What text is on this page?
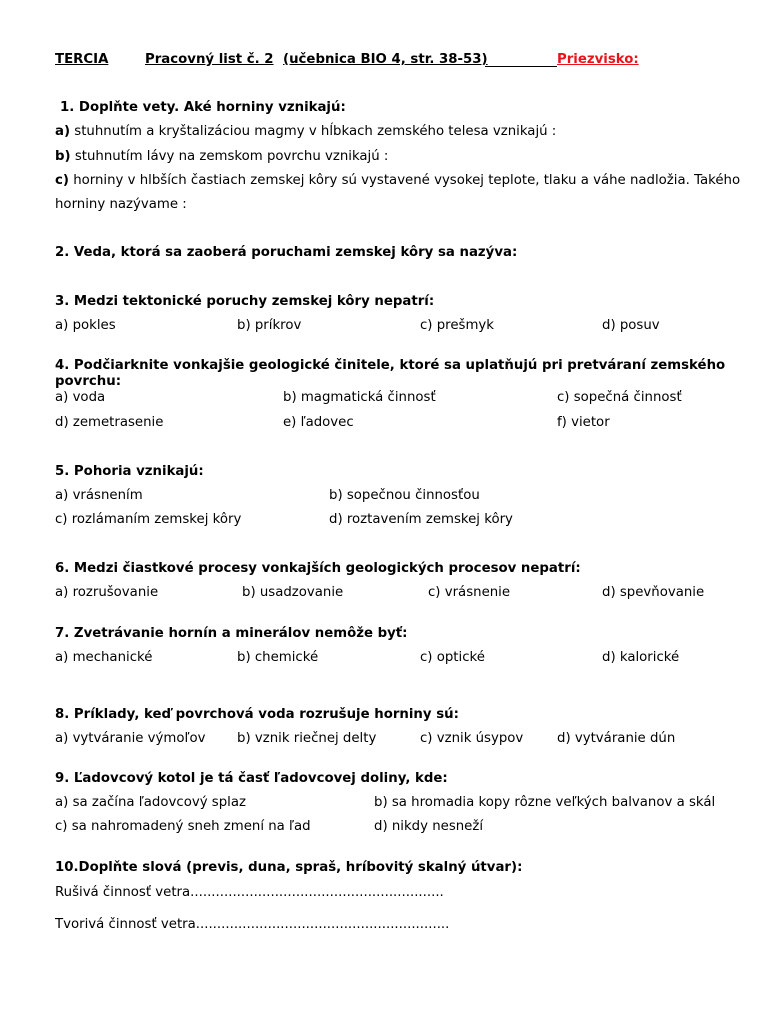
TERCIA	Pracovný list č. 2 (učebnica BIO 4, str. 38-53)	Priezvisko:
1. Doplňte vety. Aké horniny vznikajú:
a) stuhnutím a kryštalizáciou magmy v hĺbkach zemského telesa vznikajú :
b) stuhnutím lávy na zemskom povrchu vznikajú :
c) horniny v hlbších častiach zemskej kôry sú vystavené vysokej teplote, tlaku a váhe nadložia. Takého
horniny nazývame :
2. Veda, ktorá sa zaoberá poruchami zemskej kôry sa nazýva:
3. Medzi tektonické poruchy zemskej kôry nepatrí:
a) pokles	b) príkrov	c) prešmyk	d) posuv
4. Podčiarknite vonkajšie geologické činitele, ktoré sa uplatňujú pri pretváraní zemského
povrchu:
a) voda	b) magmatická činnosť	c) sopečná činnosť
d) zemetrasenie	e) ľadovec	f) vietor
5. Pohoria vznikajú:
a) vrásnením	b) sopečnou činnosťou
c) rozlámaním zemskej kôry	d) roztavením zemskej kôry
6. Medzi čiastkové procesy vonkajších geologických procesov nepatrí:
a) rozrušovanie	b) usadzovanie	c) vrásnenie	d) spevňovanie
7. Zvetrávanie hornín a minerálov nemôže byť:
a) mechanické	b) chemické	c) optické	d) kalorické
8. Príklady, keď povrchová voda rozrušuje horniny sú:
a) vytváranie výmoľov b) vznik riečnej delty	c) vznik úsypov	d) vytváranie dún
9. Ľadovcový kotol je tá časť ľadovcovej doliny, kde:
a) sa začína ľadovcový splaz	b) sa hromadia kopy rôzne veľkých balvanov a skál
c) sa nahromadený sneh zmení na ľad	d) nikdy nesneží
10.Doplňte slová (previs, duna, spraš, hríbovitý skalný útvar):
Rušivá činnosť vetra............................................................
Tvorivá činnosť vetra............................................................
